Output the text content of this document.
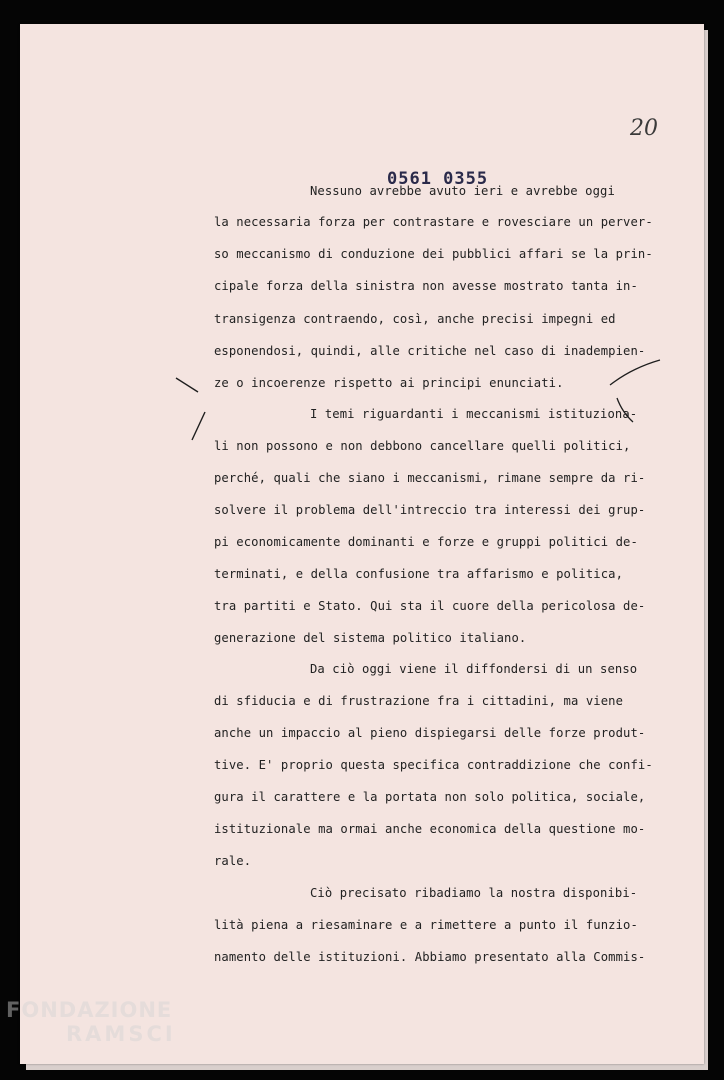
20
0561 0355
Nessuno avrebbe avuto ieri e avrebbe oggi
la necessaria forza per contrastare e rovesciare un perver-
so meccanismo di conduzione dei pubblici affari se la prin-
cipale forza della sinistra non avesse mostrato tanta in-
transigenza contraendo, così, anche precisi impegni ed
esponendosi, quindi, alle critiche nel caso di inadempien-
ze o incoerenze rispetto ai principi enunciati.
I temi riguardanti i meccanismi istituziona-
li non possono e non debbono cancellare quelli politici,
perché, quali che siano i meccanismi, rimane sempre da ri-
solvere il problema dell'intreccio tra interessi dei grup-
pi economicamente dominanti e forze e gruppi politici de-
terminati, e della confusione tra affarismo e politica,
tra partiti e Stato. Qui sta il cuore della pericolosa de-
generazione del sistema politico italiano.
Da ciò oggi viene il diffondersi di un senso
di sfiducia e di frustrazione fra i cittadini, ma viene
anche un impaccio al pieno dispiegarsi delle forze produt-
tive. E' proprio questa specifica contraddizione che confi-
gura il carattere e la portata non solo politica, sociale,
istituzionale ma ormai anche economica della questione mo-
rale.
Ciò precisato ribadiamo la nostra disponibi-
lità piena a riesaminare e a rimettere a punto il funzio-
namento delle istituzioni. Abbiamo presentato alla Commis-
FONDAZIONE
RAMSCI
